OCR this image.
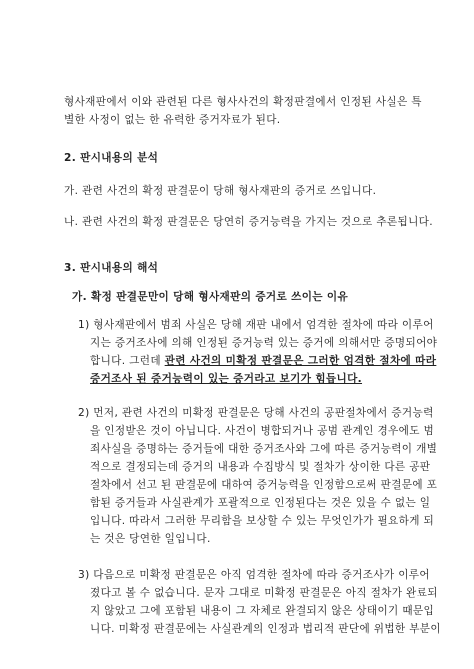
형사재판에서 이와 관련된 다른 형사사건의 확정판결에서 인정된 사실은 특
별한 사정이 없는 한 유력한 증거자료가 된다.
2. 판시내용의 분석
가. 관련 사건의 확정 판결문이 당해 형사재판의 증거로 쓰입니다.
나. 관련 사건의 확정 판결문은 당연히 증거능력을 가지는 것으로 추론됩니다.
3. 판시내용의 해석
가. 확정 판결문만이 당해 형사재판의 증거로 쓰이는 이유
1) 형사재판에서 범죄 사실은 당해 재판 내에서 엄격한 절차에 따라 이루어
지는 증거조사에 의해 인정된 증거능력 있는 증거에 의해서만 증명되어야
합니다. 그런데 관련 사건의 미확정 판결문은 그러한 엄격한 절차에 따라
증거조사 된 증거능력이 있는 증거라고 보기가 힘듭니다.
2) 먼저, 관련 사건의 미확정 판결문은 당해 사건의 공판절차에서 증거능력
을 인정받은 것이 아닙니다. 사건이 병합되거나 공범 관계인 경우에도 범
죄사실을 증명하는 증거들에 대한 증거조사와 그에 따른 증거능력이 개별
적으로 결정되는데 증거의 내용과 수집방식 및 절차가 상이한 다른 공판
절차에서 선고 된 판결문에 대하여 증거능력을 인정함으로써 판결문에 포
함된 증거들과 사실관계가 포괄적으로 인정된다는 것은 있을 수 없는 일
입니다. 따라서 그러한 무리함을 보상할 수 있는 무엇인가가 필요하게 되
는 것은 당연한 일입니다.
3) 다음으로 미확정 판결문은 아직 엄격한 절차에 따라 증거조사가 이루어
졌다고 볼 수 없습니다. 문자 그대로 미확정 판결문은 아직 절차가 완료되
지 않았고 그에 포함된 내용이 그 자체로 완결되지 않은 상태이기 때문입
니다. 미확정 판결문에는 사실관계의 인정과 법리적 판단에 위법한 부분이
